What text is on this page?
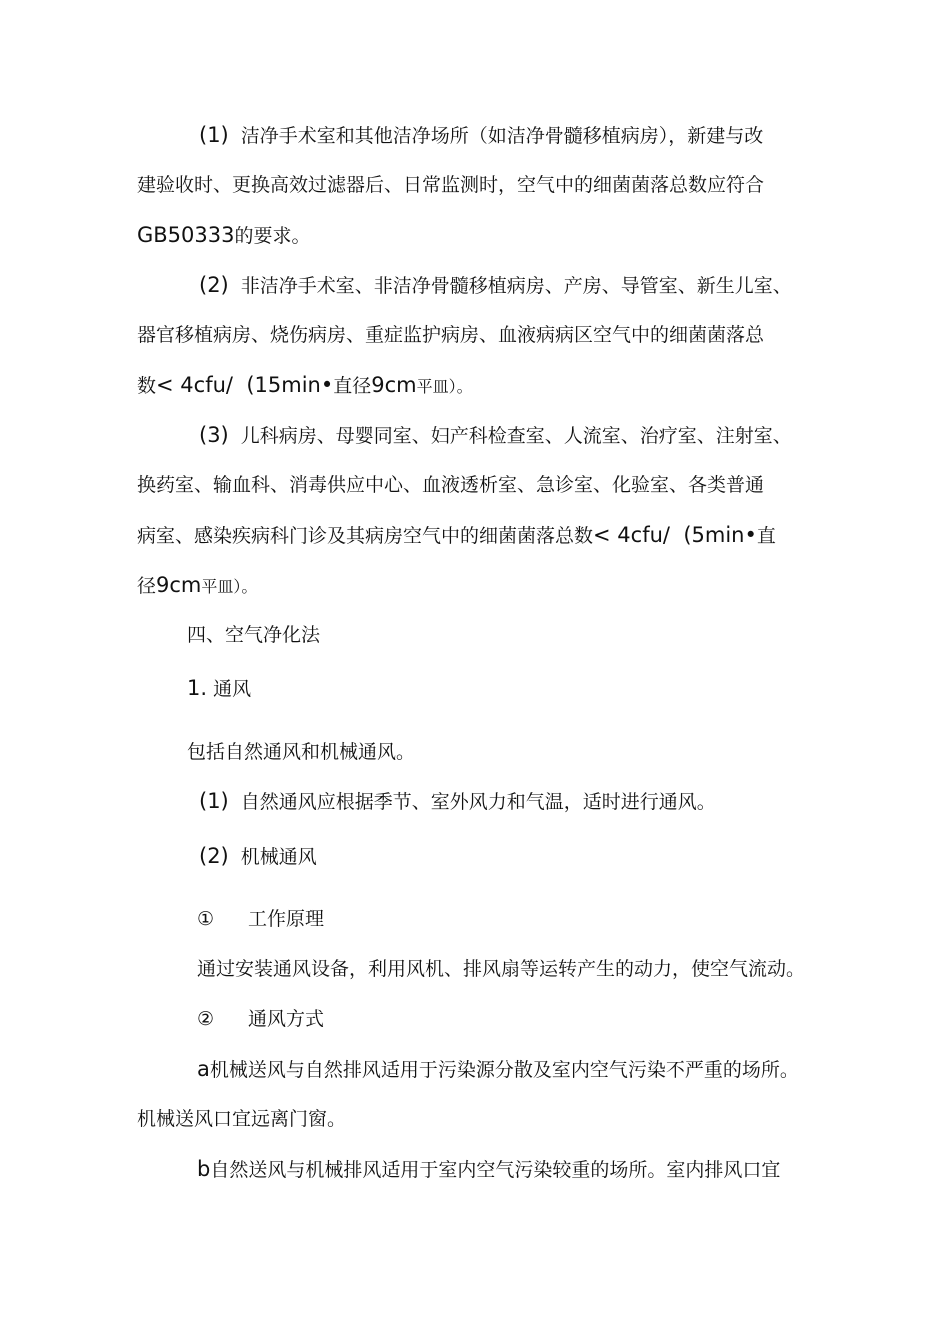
(1) 洁净手术室和其他洁净场所（如洁净骨髓移植病房），新建与改
建验收时、更换高效过滤器后、日常监测时，空气中的细菌菌落总数应符合
GB50333的要求。
(2) 非洁净手术室、非洁净骨髓移植病房、产房、导管室、新生儿室、
器官移植病房、烧伤病房、重症监护病房、血液病病区空气中的细菌菌落总
数< 4cfu/  (15min•直径9cm平皿）。
(3) 儿科病房、母婴同室、妇产科检查室、人流室、治疗室、注射室、
换药室、输血科、消毒供应中心、血液透析室、急诊室、化验室、各类普通
病室、感染疾病科门诊及其病房空气中的细菌菌落总数< 4cfu/  (5min•直
径9cm平皿）。
四、空气净化法
1. 通风
包括自然通风和机械通风。
(1) 自然通风应根据季节、室外风力和气温，适时进行通风。
(2) 机械通风
① 工作原理
通过安装通风设备，利用风机、排风扇等运转产生的动力，使空气流动。
② 通风方式
a机械送风与自然排风适用于污染源分散及室内空气污染不严重的场所。
机械送风口宜远离门窗。
b自然送风与机械排风适用于室内空气污染较重的场所。室内排风口宜
